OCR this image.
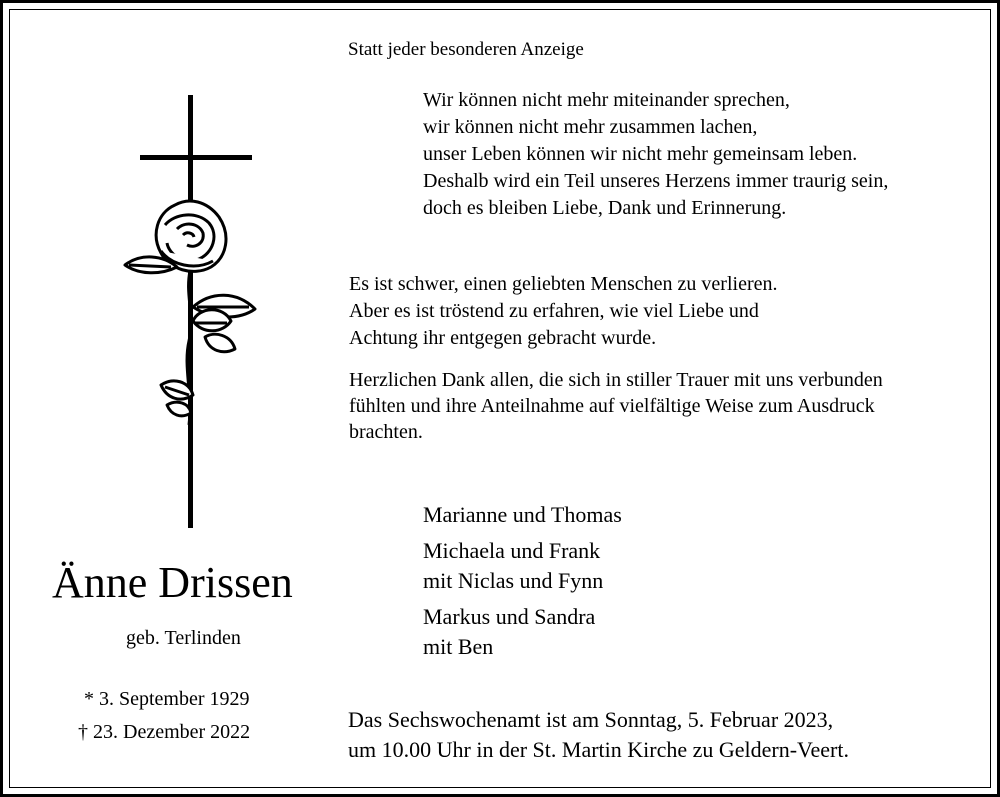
Statt jeder besonderen Anzeige
Wir können nicht mehr miteinander sprechen,
wir können nicht mehr zusammen lachen,
unser Leben können wir nicht mehr gemeinsam leben.
Deshalb wird ein Teil unseres Herzens immer traurig sein,
doch es bleiben Liebe, Dank und Erinnerung.
Es ist schwer, einen geliebten Menschen zu verlieren.
Aber es ist tröstend zu erfahren, wie viel Liebe und
Achtung ihr entgegen gebracht wurde.
Herzlichen Dank allen, die sich in stiller Trauer mit uns verbunden
fühlten und ihre Anteilnahme auf vielfältige Weise zum Ausdruck
brachten.
Marianne und Thomas
Michaela und Frank
mit Niclas und Fynn
Markus und Sandra
mit Ben
Das Sechswochenamt ist am Sonntag, 5. Februar 2023,
um 10.00 Uhr in der St. Martin Kirche zu Geldern-Veert.
Änne Drissen
geb. Terlinden
* 3. September 1929
† 23. Dezember 2022
